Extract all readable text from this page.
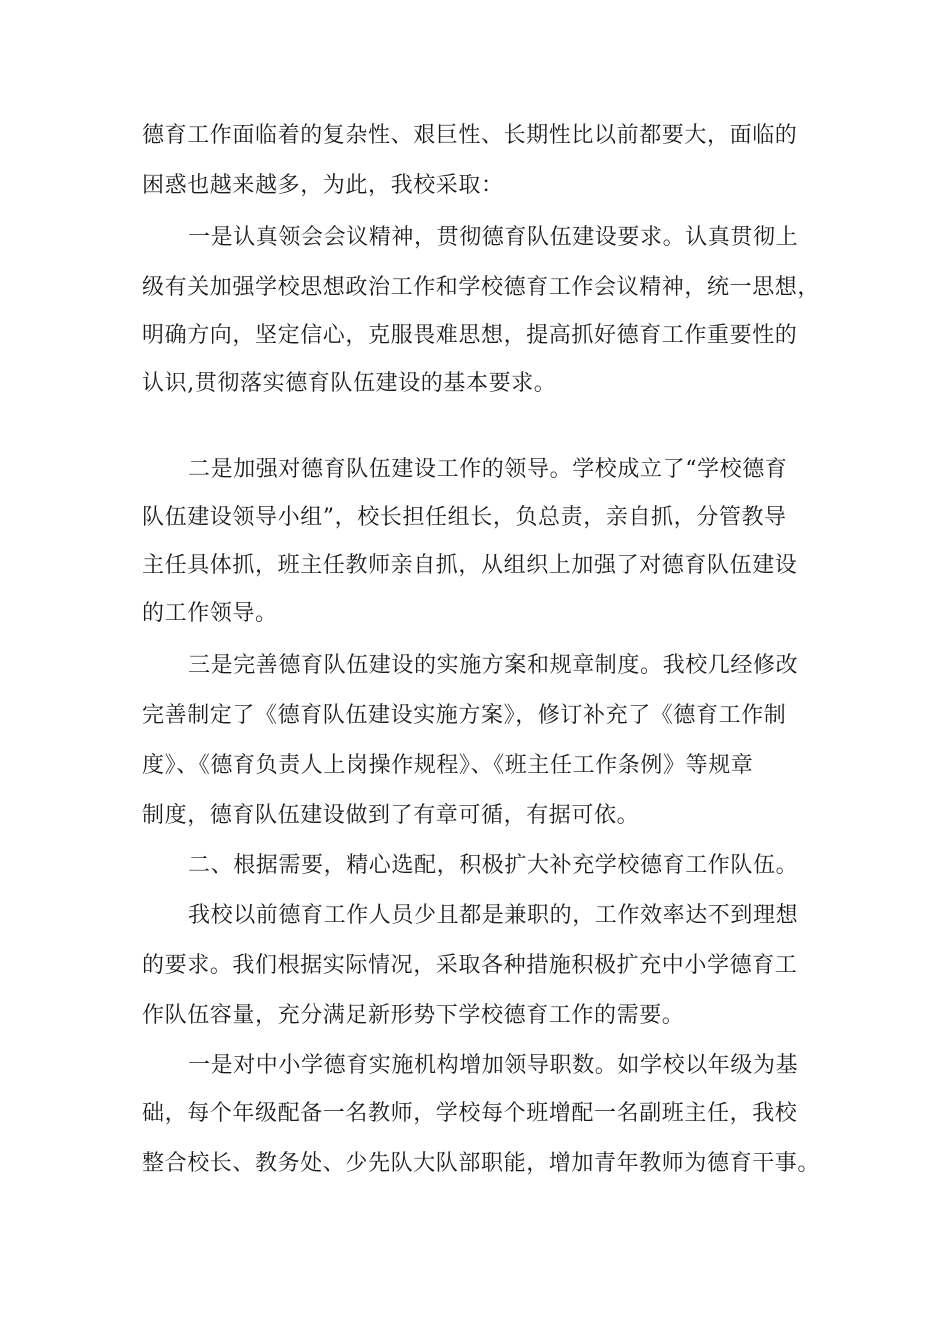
德育工作面临着的复杂性、艰巨性、长期性比以前都要大，面临的
困惑也越来越多，为此，我校采取：
一是认真领会会议精神，贯彻德育队伍建设要求。认真贯彻上
级有关加强学校思想政治工作和学校德育工作会议精神，统一思想，
明确方向，坚定信心，克服畏难思想，提高抓好德育工作重要性的
认识,贯彻落实德育队伍建设的基本要求。
二是加强对德育队伍建设工作的领导。学校成立了“学校德育
队伍建设领导小组”，校长担任组长，负总责，亲自抓，分管教导
主任具体抓，班主任教师亲自抓，从组织上加强了对德育队伍建设
的工作领导。
三是完善德育队伍建设的实施方案和规章制度。我校几经修改
完善制定了《德育队伍建设实施方案》，修订补充了《德育工作制
度》、《德育负责人上岗操作规程》、《班主任工作条例》等规章
制度，德育队伍建设做到了有章可循，有据可依。
二、根据需要，精心选配，积极扩大补充学校德育工作队伍。
我校以前德育工作人员少且都是兼职的，工作效率达不到理想
的要求。我们根据实际情况，采取各种措施积极扩充中小学德育工
作队伍容量，充分满足新形势下学校德育工作的需要。
一是对中小学德育实施机构增加领导职数。如学校以年级为基
础，每个年级配备一名教师，学校每个班增配一名副班主任，我校
整合校长、教务处、少先队大队部职能，增加青年教师为德育干事。
